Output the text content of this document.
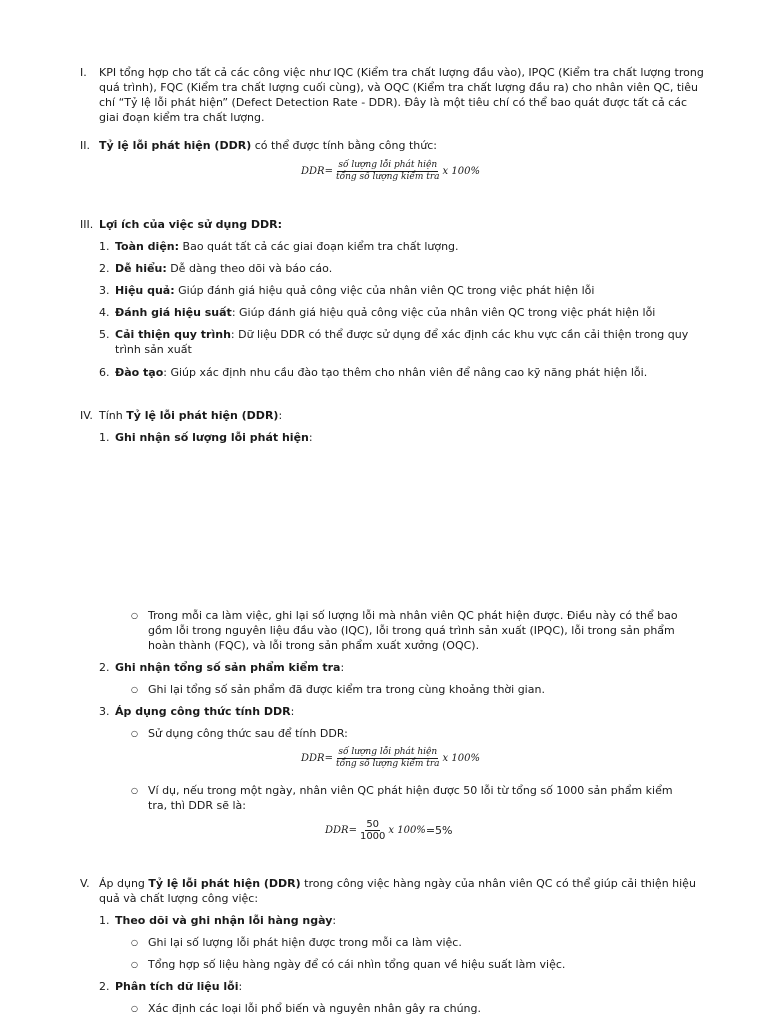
I.	KPI tổng hợp cho tất cả các công việc như IQC (Kiểm tra chất lượng đầu vào), IPQC (Kiểm tra chất lượng trong quá trình), FQC (Kiểm tra chất lượng cuối cùng), và OQC (Kiểm tra chất lượng đầu ra) cho nhân viên QC, tiêu chí “Tỷ lệ lỗi phát hiện” (Defect Detection Rate - DDR). Đây là một tiêu chí có thể bao quát được tất cả các giai đoạn kiểm tra chất lượng.
II. Tỷ lệ lỗi phát hiện (DDR) có thể được tính bằng công thức:
$DDR= \frac{\text{số lượng lỗi phát hiện}}{\text{tổng số lượng kiểm tra}}$ x 100%
III. Lợi ích của việc sử dụng DDR:
1. Toàn diện: Bao quát tất cả các giai đoạn kiểm tra chất lượng.
2. Dễ hiểu: Dễ dàng theo dõi và báo cáo.
3. Hiệu quả: Giúp đánh giá hiệu quả công việc của nhân viên QC trong việc phát hiện lỗi
4. Đánh giá hiệu suất: Giúp đánh giá hiệu quả công việc của nhân viên QC trong việc phát hiện lỗi
5. Cải thiện quy trình: Dữ liệu DDR có thể được sử dụng để xác định các khu vực cần cải thiện trong quy trình sản xuất
6. Đào tạo: Giúp xác định nhu cầu đào tạo thêm cho nhân viên để nâng cao kỹ năng phát hiện lỗi.
IV. Tính Tỷ lệ lỗi phát hiện (DDR):
1. Ghi nhận số lượng lỗi phát hiện:
○ Trong mỗi ca làm việc, ghi lại số lượng lỗi mà nhân viên QC phát hiện được. Điều này có thể bao gồm lỗi trong nguyên liệu đầu vào (IQC), lỗi trong quá trình sản xuất (IPQC), lỗi trong sản phẩm hoàn thành (FQC), và lỗi trong sản phẩm xuất xưởng (OQC).
2. Ghi nhận tổng số sản phẩm kiểm tra:
○ Ghi lại tổng số sản phẩm đã được kiểm tra trong cùng khoảng thời gian.
3. Áp dụng công thức tính DDR:
○ Sử dụng công thức sau để tính DDR:
$DDR= \frac{\text{số lượng lỗi phát hiện}}{\text{tổng số lượng kiểm tra}}$ x 100%
○ Ví dụ, nếu trong một ngày, nhân viên QC phát hiện được 50 lỗi từ tổng số 1000 sản phẩm kiểm tra, thì DDR sẽ là:
$DDR= \frac{50}{1000}$ x 100% =5%
V. Áp dụng Tỷ lệ lỗi phát hiện (DDR) trong công việc hàng ngày của nhân viên QC có thể giúp cải thiện hiệu quả và chất lượng công việc:
1. Theo dõi và ghi nhận lỗi hàng ngày:
○ Ghi lại số lượng lỗi phát hiện được trong mỗi ca làm việc.
○ Tổng hợp số liệu hàng ngày để có cái nhìn tổng quan về hiệu suất làm việc.
2. Phân tích dữ liệu lỗi:
○ Xác định các loại lỗi phổ biến và nguyên nhân gây ra chúng.
